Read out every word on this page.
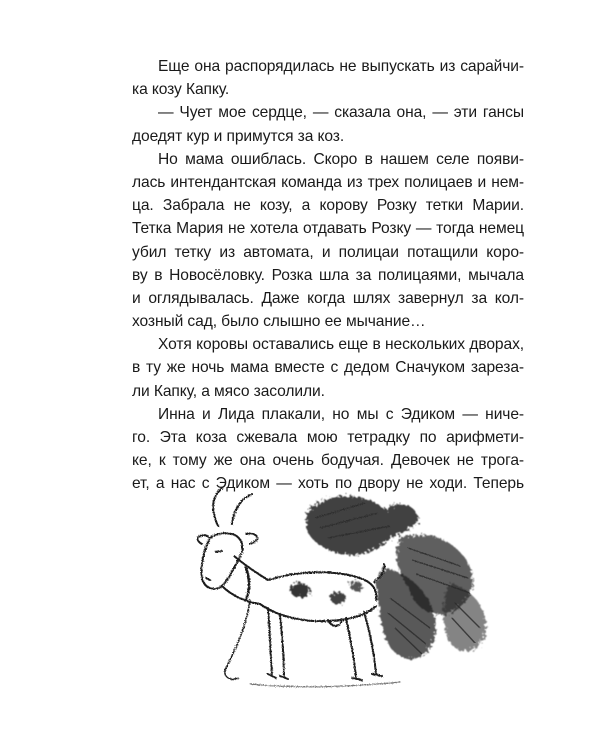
Еще она распорядилась не выпускать из сарайчи-
ка козу Капку.
— Чует мое сердце, — сказала она, — эти гансы
доедят кур и примутся за коз.
Но мама ошиблась. Скоро в нашем селе появи-
лась интендантская команда из трех полицаев и нем-
ца. Забрала не козу, а корову Розку тетки Марии.
Тетка Мария не хотела отдавать Розку — тогда немец
убил тетку из автомата, и полицаи потащили коро-
ву в Новосёловку. Розка шла за полицаями, мычала
и оглядывалась. Даже когда шлях завернул за кол-
хозный сад, было слышно ее мычание…
Хотя коровы оставались еще в нескольких дворах,
в ту же ночь мама вместе с дедом Сначуком зареза-
ли Капку, а мясо засолили.
Инна и Лида плакали, но мы с Эдиком — ниче-
го. Эта коза сжевала мою тетрадку по арифмети-
ке, к тому же она очень бодучая. Девочек не трога-
ет, а нас с Эдиком — хоть по двору не ходи. Теперь
